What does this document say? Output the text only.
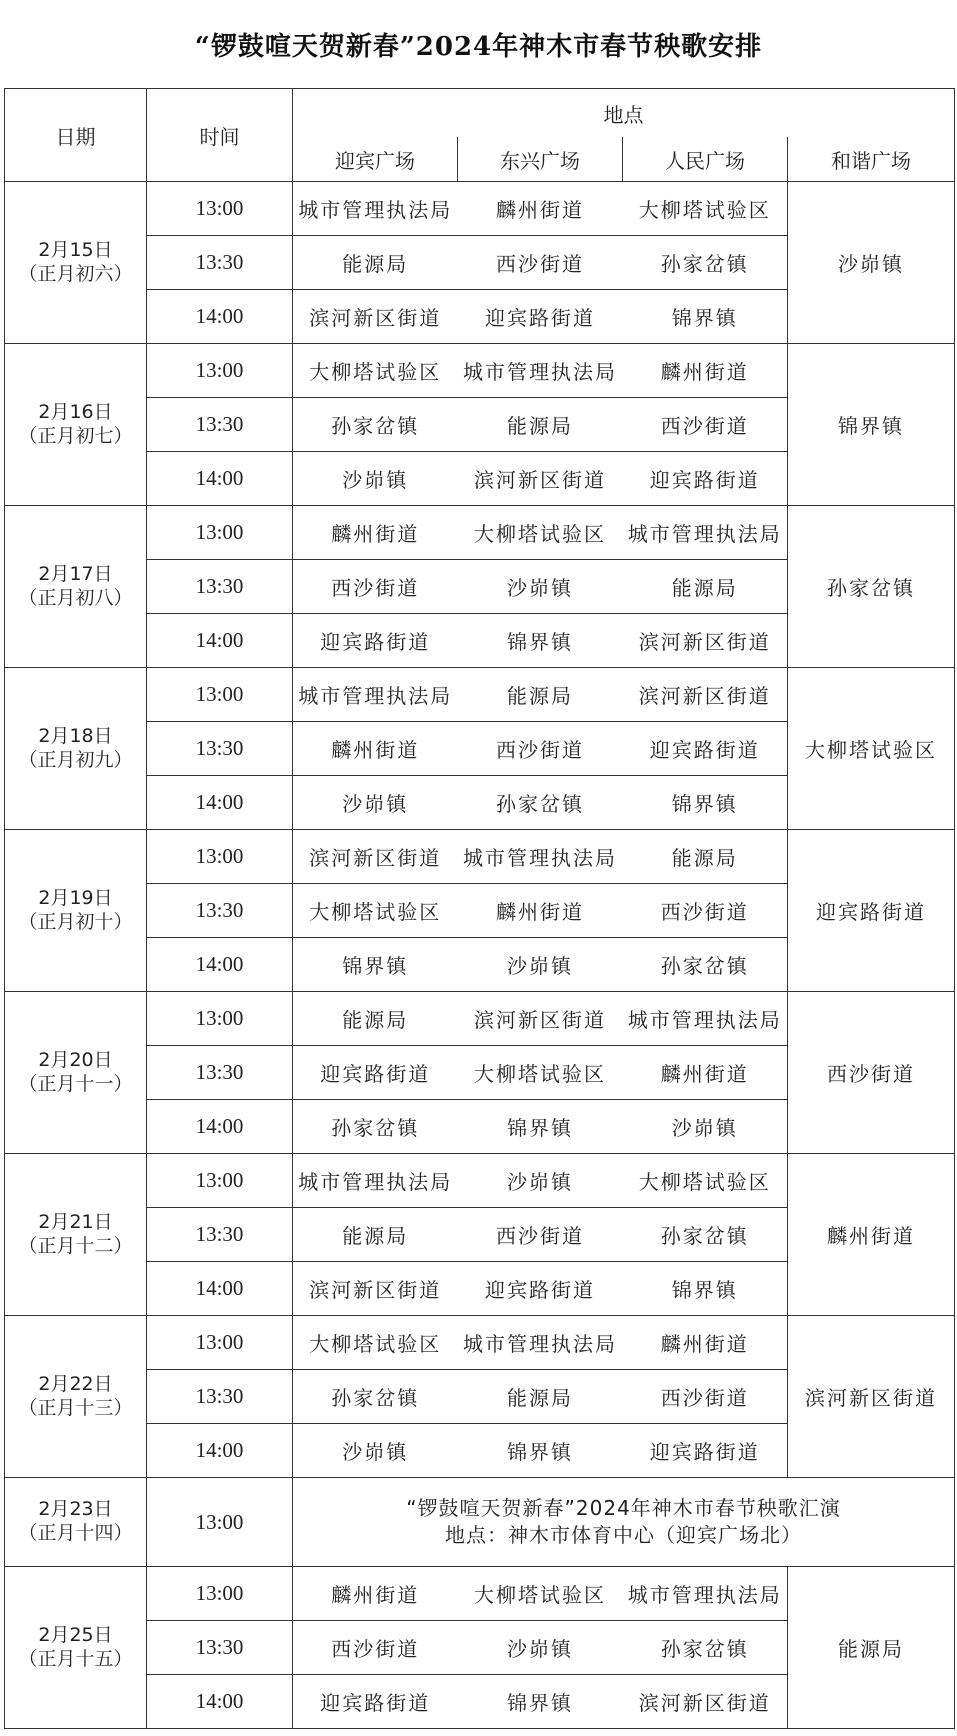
“锣鼓喧天贺新春”2024年神木市春节秧歌安排
日期	时间	地点			
		迎宾广场	东兴广场	人民广场	和谐广场

2月15日
（正月初六）	13:00	城市管理执法局	麟州街道	大柳塔试验区	沙峁镇
	13:30	能源局	西沙街道	孙家岔镇	
	14:00	滨河新区街道	迎宾路街道	锦界镇	

2月16日
（正月初七）	13:00	大柳塔试验区	城市管理执法局	麟州街道	锦界镇
	13:30	孙家岔镇	能源局	西沙街道	
	14:00	沙峁镇	滨河新区街道	迎宾路街道	

2月17日
（正月初八）	13:00	麟州街道	大柳塔试验区	城市管理执法局	孙家岔镇
	13:30	西沙街道	沙峁镇	能源局	
	14:00	迎宾路街道	锦界镇	滨河新区街道	

2月18日
（正月初九）	13:00	城市管理执法局	能源局	滨河新区街道	大柳塔试验区
	13:30	麟州街道	西沙街道	迎宾路街道	
	14:00	沙峁镇	孙家岔镇	锦界镇	

2月19日
（正月初十）	13:00	滨河新区街道	城市管理执法局	能源局	迎宾路街道
	13:30	大柳塔试验区	麟州街道	西沙街道	
	14:00	锦界镇	沙峁镇	孙家岔镇	

2月20日
（正月十一）	13:00	能源局	滨河新区街道	城市管理执法局	西沙街道
	13:30	迎宾路街道	大柳塔试验区	麟州街道	
	14:00	孙家岔镇	锦界镇	沙峁镇	

2月21日
（正月十二）	13:00	城市管理执法局	沙峁镇	大柳塔试验区	麟州街道
	13:30	能源局	西沙街道	孙家岔镇	
	14:00	滨河新区街道	迎宾路街道	锦界镇	

2月22日
（正月十三）	13:00	大柳塔试验区	城市管理执法局	麟州街道	滨河新区街道
	13:30	孙家岔镇	能源局	西沙街道	
	14:00	沙峁镇	锦界镇	迎宾路街道	

2月23日
（正月十四）	13:00	“锣鼓喧天贺新春”2024年神木市春节秧歌汇演
地点：神木市体育中心（迎宾广场北）			

2月25日
（正月十五）	13:00	麟州街道	大柳塔试验区	城市管理执法局	能源局
	13:30	西沙街道	沙峁镇	孙家岔镇	
	14:00	迎宾路街道	锦界镇	滨河新区街道	
